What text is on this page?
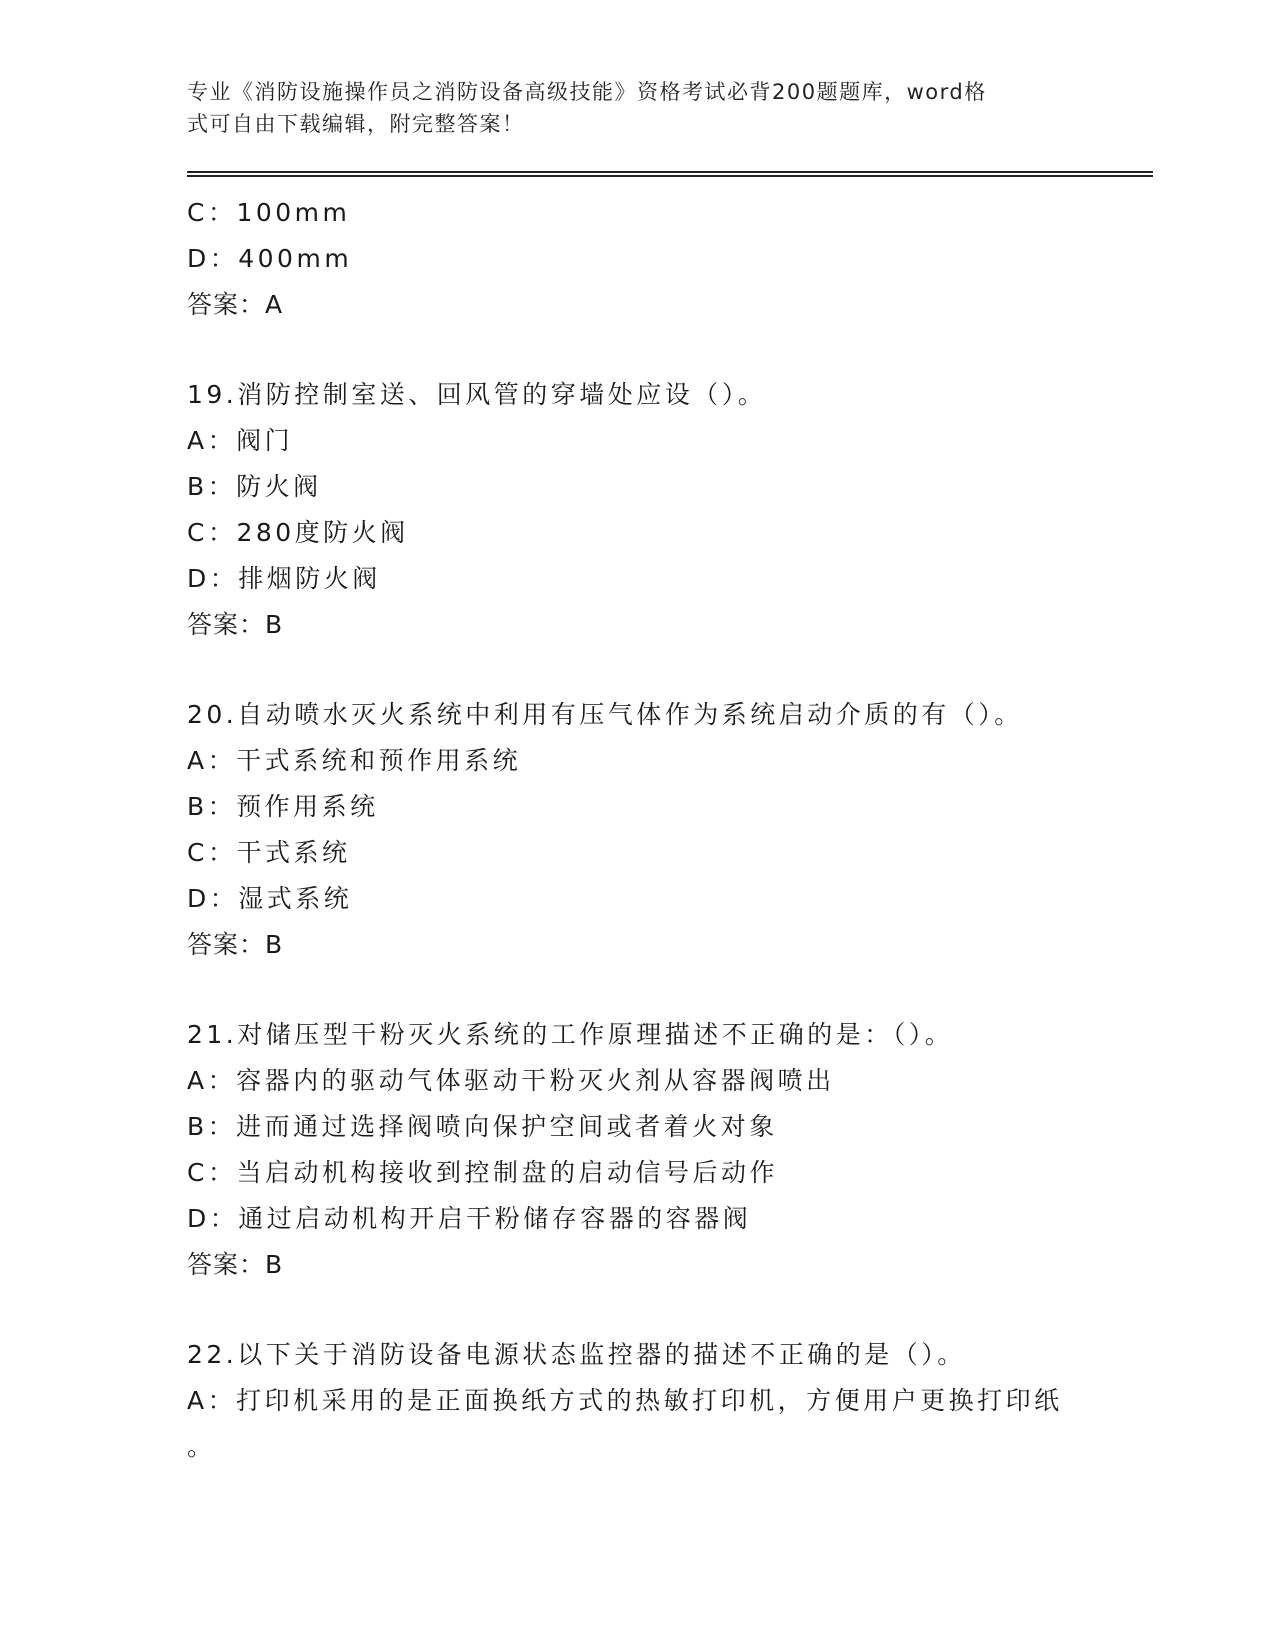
专业《消防设施操作员之消防设备高级技能》资格考试必背200题题库，word格
式可自由下载编辑，附完整答案！
C：100mm
D：400mm
答案：A
19.消防控制室送、回风管的穿墙处应设（）。
A：阀门
B：防火阀
C：280度防火阀
D：排烟防火阀
答案：B
20.自动喷水灭火系统中利用有压气体作为系统启动介质的有（）。
A：干式系统和预作用系统
B：预作用系统
C：干式系统
D：湿式系统
答案：B
21.对储压型干粉灭火系统的工作原理描述不正确的是：（）。
A：容器内的驱动气体驱动干粉灭火剂从容器阀喷出
B：进而通过选择阀喷向保护空间或者着火对象
C：当启动机构接收到控制盘的启动信号后动作
D：通过启动机构开启干粉储存容器的容器阀
答案：B
22.以下关于消防设备电源状态监控器的描述不正确的是（）。
A：打印机采用的是正面换纸方式的热敏打印机，方便用户更换打印纸
。
